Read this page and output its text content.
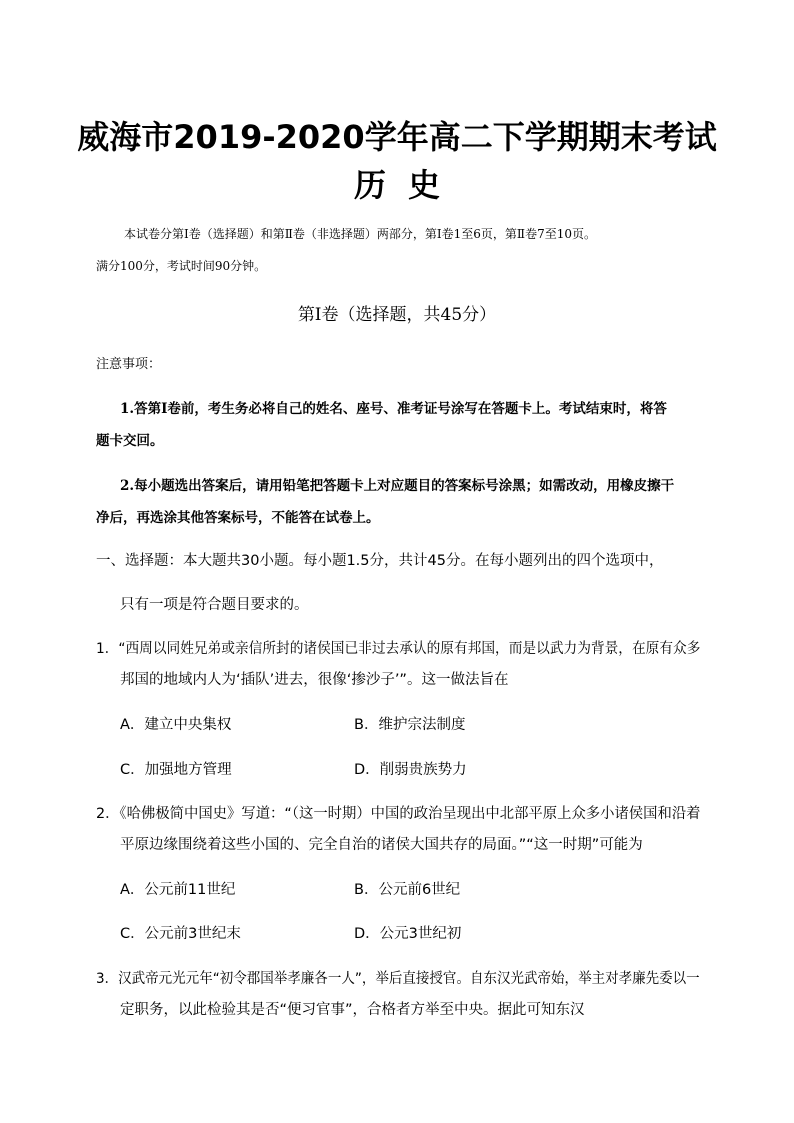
威海市2019-2020学年高二下学期期末考试
历史
本试卷分第Ⅰ卷（选择题）和第Ⅱ卷（非选择题）两部分，第Ⅰ卷1至6页，第Ⅱ卷7至10页。
满分100分，考试时间90分钟。
第Ⅰ卷（选择题，共45分）
注意事项：
1.答第Ⅰ卷前，考生务必将自己的姓名、座号、准考证号涂写在答题卡上。考试结束时，将答
题卡交回。
2.每小题选出答案后，请用铅笔把答题卡上对应题目的答案标号涂黑；如需改动，用橡皮擦干
净后，再选涂其他答案标号，不能答在试卷上。
一、选择题：本大题共30小题。每小题1.5分，共计45分。在每小题列出的四个选项中，
只有一项是符合题目要求的。
1．“西周以同姓兄弟或亲信所封的诸侯国已非过去承认的原有邦国，而是以武力为背景，在原有众多
邦国的地域内人为‘插队’进去，很像‘掺沙子’”。这一做法旨在
A．建立中央集权	B．维护宗法制度
C．加强地方管理	D．削弱贵族势力
2．《哈佛极简中国史》写道：“（这一时期）中国的政治呈现出中北部平原上众多小诸侯国和沿着
平原边缘围绕着这些小国的、完全自治的诸侯大国共存的局面。”“这一时期”可能为
A．公元前11世纪	B．公元前6世纪
C．公元前3世纪末	D．公元3世纪初
3．汉武帝元光元年“初令郡国举孝廉各一人”，举后直接授官。自东汉光武帝始，举主对孝廉先委以一
定职务，以此检验其是否“便习官事”，合格者方举至中央。据此可知东汉
